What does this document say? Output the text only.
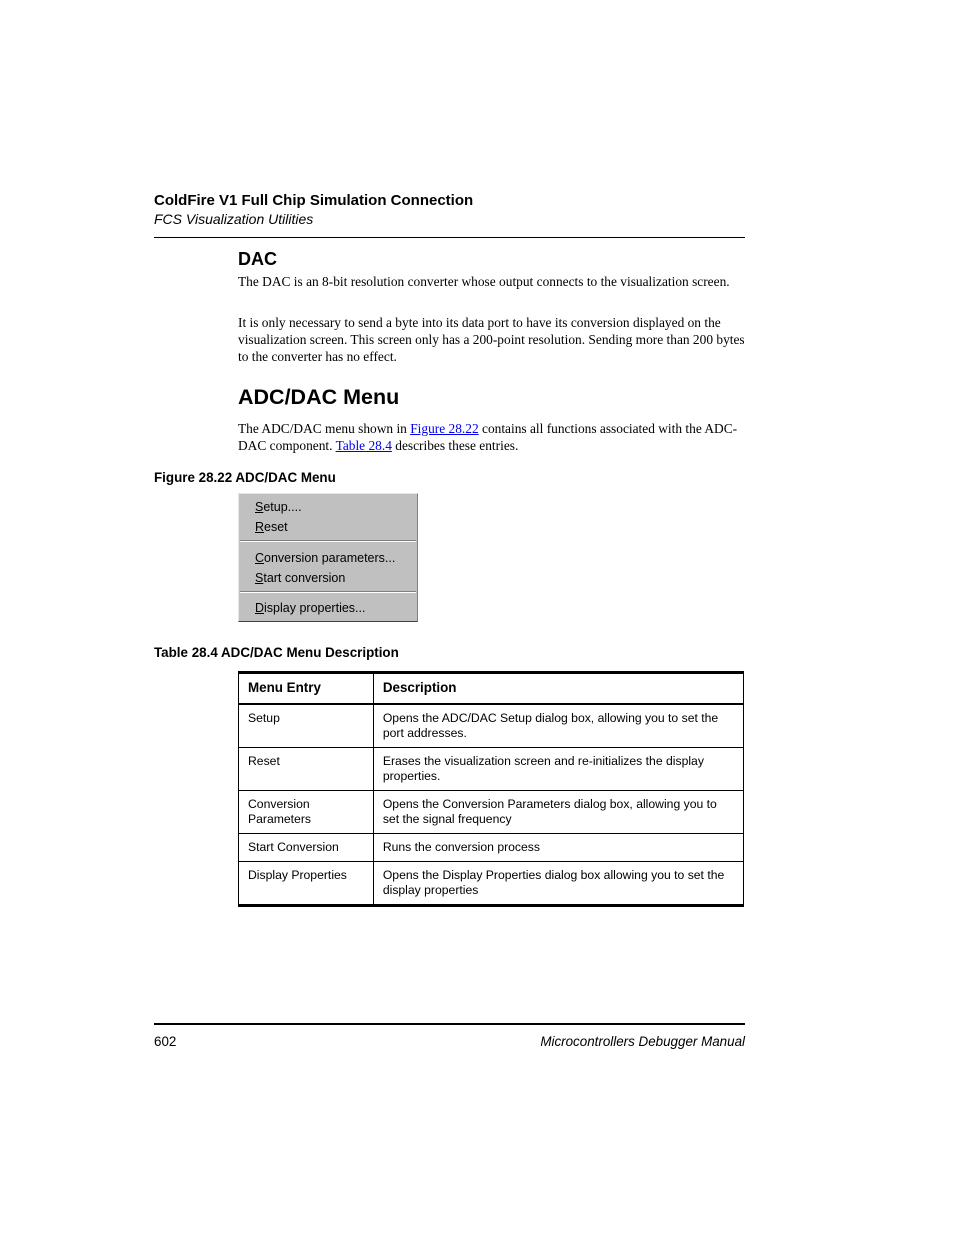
ColdFire V1 Full Chip Simulation Connection
FCS Visualization Utilities
DAC
The DAC is an 8-bit resolution converter whose output connects to the visualization screen.
It is only necessary to send a byte into its data port to have its conversion displayed on the visualization screen. This screen only has a 200-point resolution. Sending more than 200 bytes to the converter has no effect.
ADC/DAC Menu
The ADC/DAC menu shown in Figure 28.22 contains all functions associated with the ADC-DAC component. Table 28.4 describes these entries.
Figure 28.22 ADC/DAC Menu
Setup....
Reset
Conversion parameters...
Start conversion
Display properties...
Table 28.4 ADC/DAC Menu Description
Menu Entry	Description
Setup	Opens the ADC/DAC Setup dialog box, allowing you to set the port addresses.
Reset	Erases the visualization screen and re-initializes the display properties.
Conversion Parameters	Opens the Conversion Parameters dialog box, allowing you to set the signal frequency
Start Conversion	Runs the conversion process
Display Properties	Opens the Display Properties dialog box allowing you to set the display properties
602	Microcontrollers Debugger Manual
